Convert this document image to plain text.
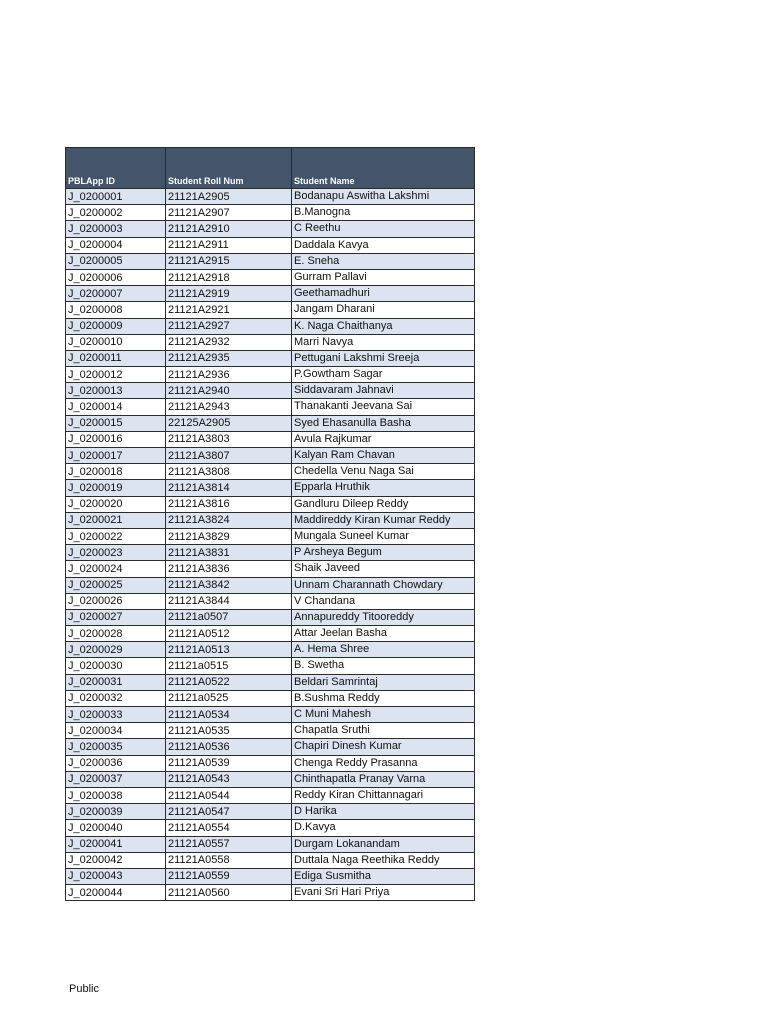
PBLApp ID	Student Roll Num	Student Name
J_0200001	21121A2905	Bodanapu Aswitha Lakshmi
J_0200002	21121A2907	B.Manogna
J_0200003	21121A2910	C Reethu
J_0200004	21121A2911	Daddala Kavya
J_0200005	21121A2915	E. Sneha
J_0200006	21121A2918	Gurram Pallavi
J_0200007	21121A2919	Geethamadhuri
J_0200008	21121A2921	Jangam Dharani
J_0200009	21121A2927	K. Naga Chaithanya
J_0200010	21121A2932	Marri Navya
J_0200011	21121A2935	Pettugani Lakshmi Sreeja
J_0200012	21121A2936	P.Gowtham Sagar
J_0200013	21121A2940	Siddavaram Jahnavi
J_0200014	21121A2943	Thanakanti Jeevana Sai
J_0200015	22125A2905	Syed Ehasanulla Basha
J_0200016	21121A3803	Avula Rajkumar
J_0200017	21121A3807	Kalyan Ram Chavan
J_0200018	21121A3808	Chedella Venu Naga Sai
J_0200019	21121A3814	Epparla Hruthik
J_0200020	21121A3816	Gandluru Dileep Reddy
J_0200021	21121A3824	Maddireddy Kiran Kumar Reddy
J_0200022	21121A3829	Mungala Suneel Kumar
J_0200023	21121A3831	P Arsheya Begum
J_0200024	21121A3836	Shaik Javeed
J_0200025	21121A3842	Unnam Charannath Chowdary
J_0200026	21121A3844	V Chandana
J_0200027	21121a0507	Annapureddy Titooreddy
J_0200028	21121A0512	Attar Jeelan Basha
J_0200029	21121A0513	A. Hema Shree
J_0200030	21121a0515	B. Swetha
J_0200031	21121A0522	Beldari Samrintaj
J_0200032	21121a0525	B.Sushma Reddy
J_0200033	21121A0534	C Muni Mahesh
J_0200034	21121A0535	Chapatla Sruthi
J_0200035	21121A0536	Chapiri Dinesh Kumar
J_0200036	21121A0539	Chenga Reddy Prasanna
J_0200037	21121A0543	Chinthapatla Pranay Varna
J_0200038	21121A0544	Reddy Kiran Chittannagari
J_0200039	21121A0547	D Harika
J_0200040	21121A0554	D.Kavya
J_0200041	21121A0557	Durgam Lokanandam
J_0200042	21121A0558	Duttala Naga Reethika Reddy
J_0200043	21121A0559	Ediga Susmitha
J_0200044	21121A0560	Evani Sri Hari Priya
Public
